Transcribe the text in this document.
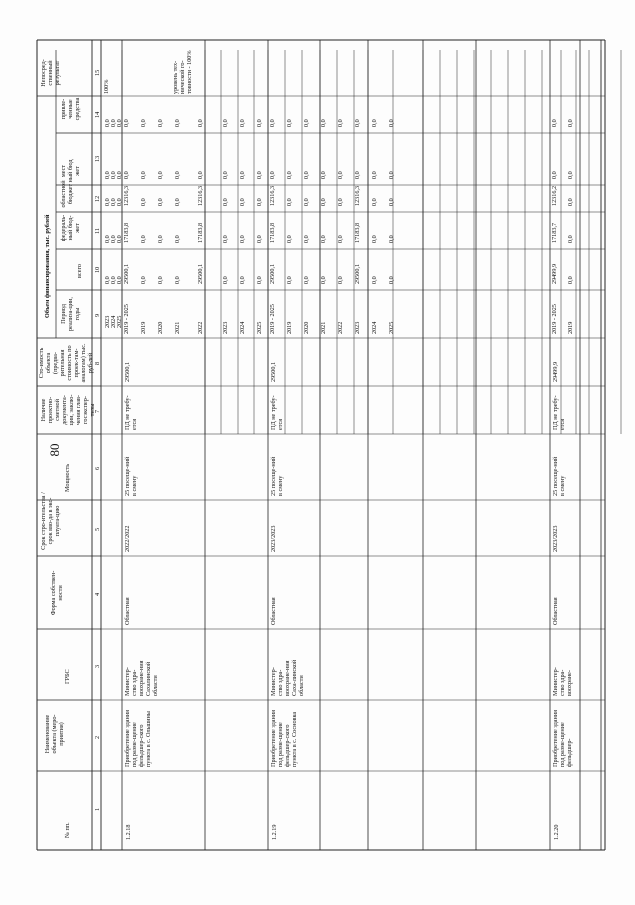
80
№ пп.
Наименование объекта (меро-приятия)
ГРБС
Форма собствен-ности
Срок стро-ительства / срок вво-да в экс-плуата-цию
Мощность
Наличие проектно-сметной документа-ции, заклю-чения глав-госэкспер-тизы
Сто-имость объекта (предва-рительная стоимость по проек-там-аналогам) тыс. руб-лей
Период реализа-ции, годы
Объем финансирования, тыс. рублей	всего
федераль-ный бюд-жет
областной бюджет
мест ный бюд жет
привле-ченные средства
Непосред-ственный результат
1
2
3
4
5
6
7
8
9
10
11
12
13
14
15
2023
0,0
0,0
0,0
0,0
0,0
2024
0,0
0,0
0,0
0,0
0,0
2025
0,0
0,0
0,0
0,0
0,0
100%
1.2.18
Приобретение здания под разме-щение фельдшер-ского пункта в с. Ольшины
Министер-ство здра-воохране-ния Сахалинской области
Областная
2022/2022
25 посеще-ний в смену
ПД не требу-ется
29500,1
2019 - 2025
29500,1
17183,8
12316,3
0,0
0,0
2019
0,0
0,0
0,0
0,0
0,0
2020
0,0
0,0
0,0
0,0
0,0
2021
0,0
0,0
0,0
0,0
0,0
2022
29500,1
17183,8
12316,3
0,0
0,0
2023
0,0
0,0
0,0
0,0
0,0
2024
0,0
0,0
0,0
0,0
0,0
2025
0,0
0,0
0,0
0,0
0,0
уровень тех-нической го-товности - 100%
1.2.19
Приобретение здания под разме-щение фельдшер-ского пункта в с. Сосновка
Министер-ство здра-воохране-ния Саха-линской области
Областная
2023/2023
25 посеще-ний в смену
ПД не требу-ется
29500,1
2019 - 2025
29500,1
17183,8
12316,3
0,0
0,0
2019
0,0
0,0
0,0
0,0
0,0
2020
0,0
0,0
0,0
0,0
0,0
2021
0,0
0,0
0,0
0,0
0,0
2022
0,0
0,0
0,0
0,0
0,0
2023
29500,1
17183,8
12316,3
0,0
0,0
2024
0,0
0,0
0,0
0,0
0,0
2025
0,0
0,0
0,0
0,0
0,0
1.2.20
Приобретение здания под разме-щение фельдшер-
Министер-ство здра-воохране-
Областная
2023/2023
25 посеще-ний в смену
ПД не требу-ется
29499,9
2019 - 2025
29499,9
17183,7
12316,2
0,0
0,0
2019
0,0
0,0
0,0
0,0
0,0
